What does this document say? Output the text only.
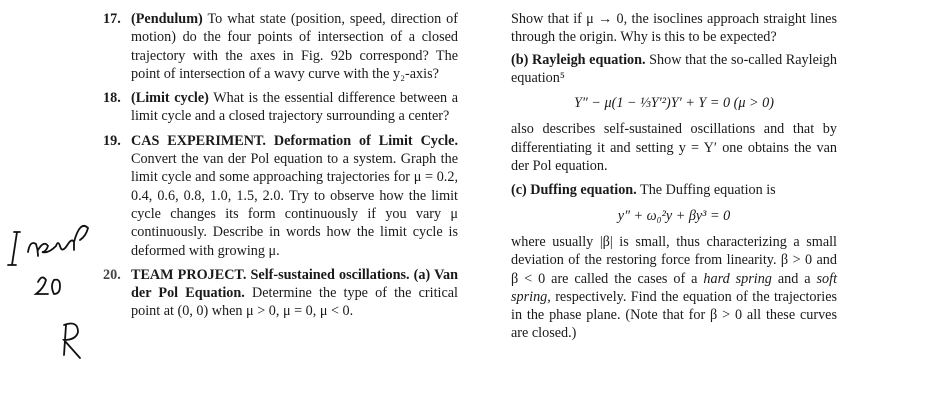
17. (Pendulum) To what state (position, speed, direction of motion) do the four points of intersection of a closed trajectory with the axes in Fig. 92b correspond? The point of intersection of a wavy curve with the y₂-axis?
18. (Limit cycle) What is the essential difference between a limit cycle and a closed trajectory surrounding a center?
19. CAS EXPERIMENT. Deformation of Limit Cycle. Convert the van der Pol equation to a system. Graph the limit cycle and some approaching trajectories for μ = 0.2, 0.4, 0.6, 0.8, 1.0, 1.5, 2.0. Try to observe how the limit cycle changes its form continuously if you vary μ continuously. Describe in words how the limit cycle is deformed with growing μ.
20. TEAM PROJECT. Self-sustained oscillations. (a) Van der Pol Equation. Determine the type of the critical point at (0, 0) when μ > 0, μ = 0, μ < 0.

Show that if μ → 0, the isoclines approach straight lines through the origin. Why is this to be expected?

(b) Rayleigh equation. Show that the so-called Rayleigh equation⁵

Y″ − μ(1 − ⅓Y′²)Y′ + Y = 0 (μ > 0)

also describes self-sustained oscillations and that by differentiating it and setting y = Y′ one obtains the van der Pol equation.

(c) Duffing equation. The Duffing equation is

y″ + ω₀²y + βy³ = 0

where usually |β| is small, thus characterizing a small deviation of the restoring force from linearity. β > 0 and β < 0 are called the cases of a hard spring and a soft spring, respectively. Find the equation of the trajectories in the phase plane. (Note that for β > 0 all these curves are closed.)
